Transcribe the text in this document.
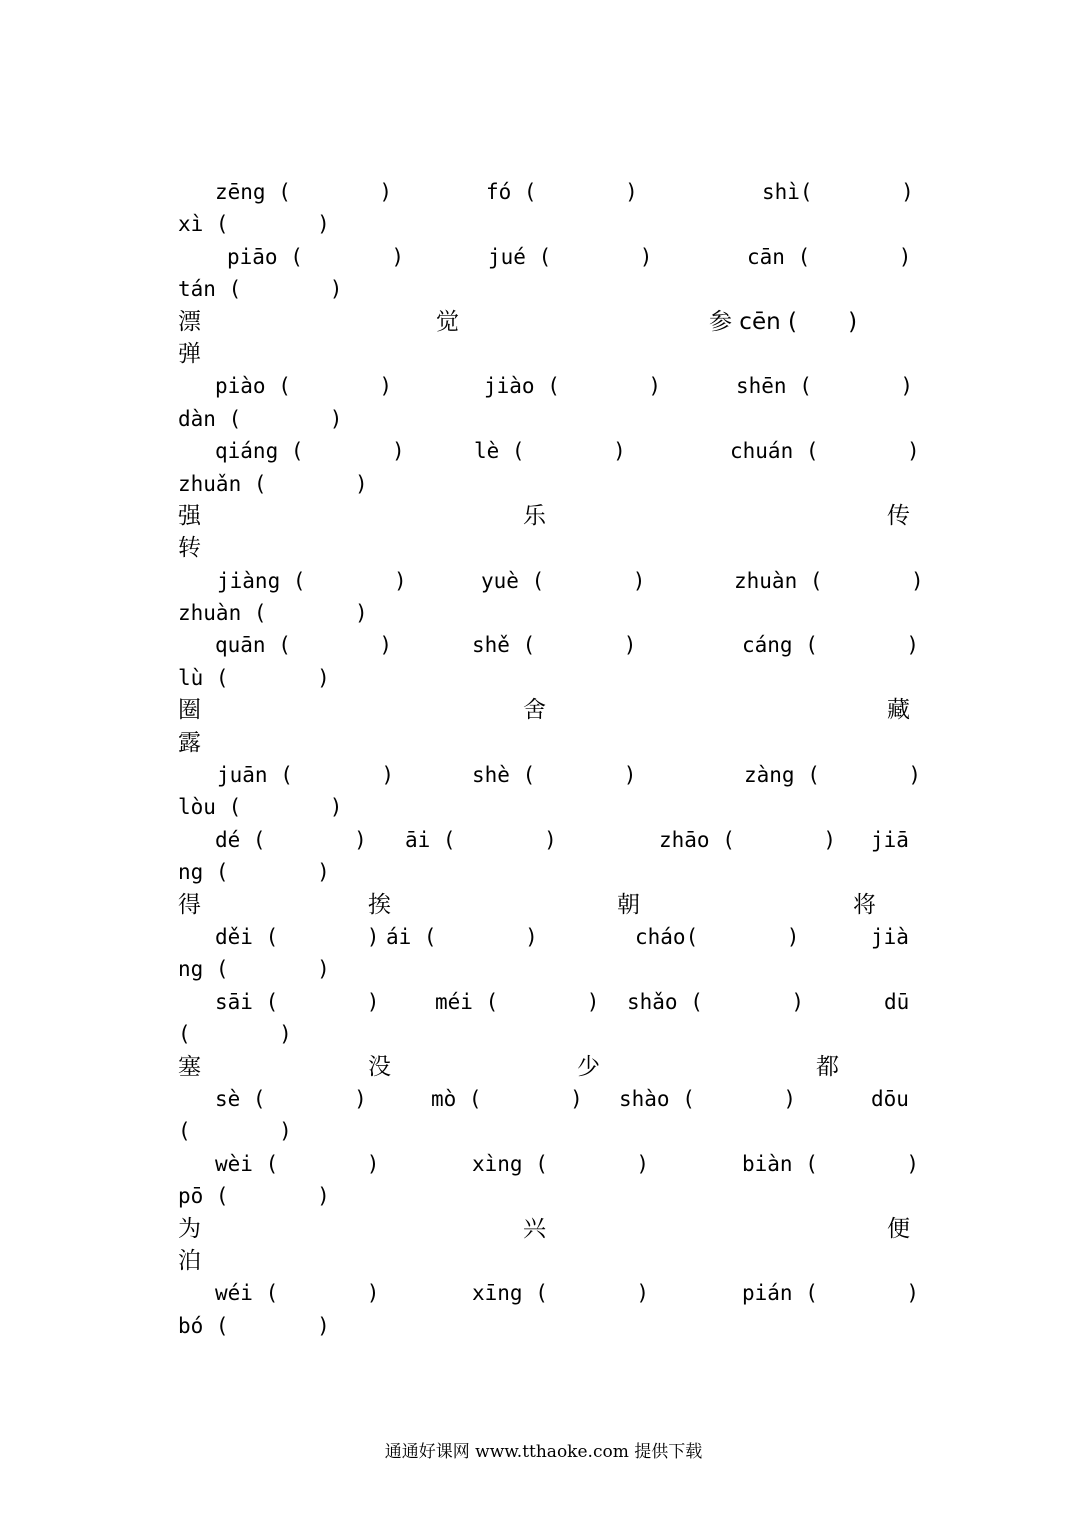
zēng (       )	fó (       )	shì(       )
xì (       )
piāo (       )	jué (       )	cān (       )
tán (       )
漂	觉	参 cēn (       )
弹
piào (       )	jiào (       )	shēn (       )
dàn (       )
qiáng (       )	lè (       )	chuán (       )
zhuǎn (       )
强	乐	传
转
jiàng (       )	yuè (       )	zhuàn (       )
zhuàn (       )
quān (       )	shě (       )	cáng (       )
lù (       )
圈	舍	藏
露
juān (       )	shè (       )	zàng (       )
lòu (       )
dé (       ) āi (       )	zhāo (       ) jiā
ng (       )
得	挨	朝	将
děi (       ) ái (       )	cháo(       )	jià
ng (       )
sāi (       )	méi (       ) shǎo (       )	dū
(       )
塞	没	少	都
sè (       )	mò (       ) shào (       )	dōu
(       )
wèi (       )	xìng (       )	biàn (       )
pō (       )
为	兴	便
泊
wéi (       )	xīng (       )	pián (       )
bó (       )
通通好课网 www.tthaoke.com 提供下载
